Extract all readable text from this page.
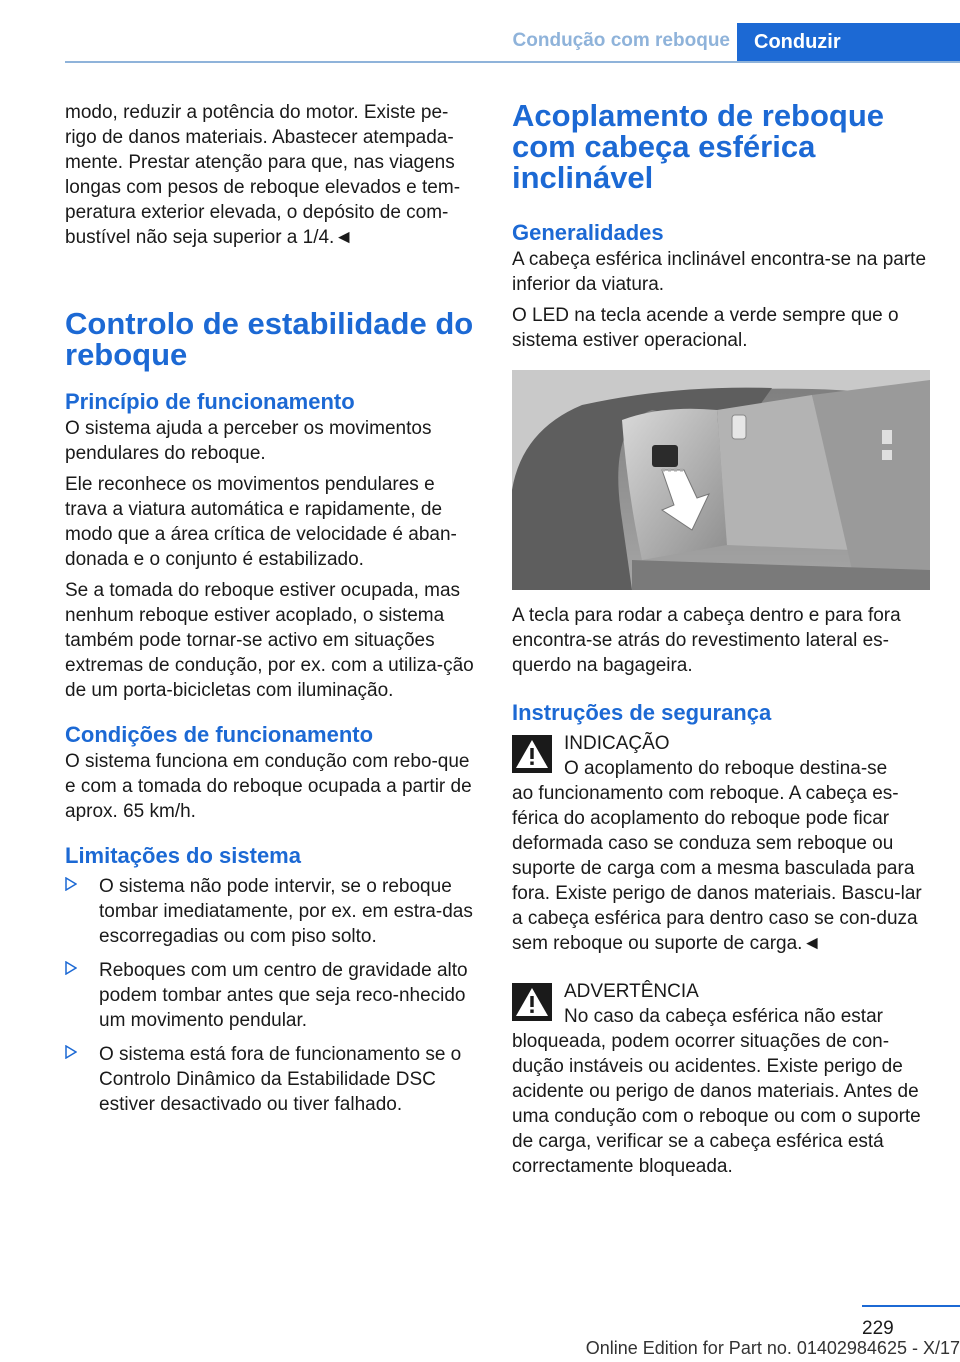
Condução com reboque Conduzir

modo, reduzir a potência do motor. Existe pe-rigo de danos materiais. Abastecer atempada-mente. Prestar atenção para que, nas viagens longas com pesos de reboque elevados e tem-peratura exterior elevada, o depósito de com-bustível não seja superior a 1/4.◄

Controlo de estabilidade do reboque
Princípio de funcionamento

O sistema ajuda a perceber os movimentos pendulares do reboque.

Ele reconhece os movimentos pendulares e trava a viatura automática e rapidamente, de modo que a área crítica de velocidade é aban-donada e o conjunto é estabilizado.

Se a tomada do reboque estiver ocupada, mas nenhum reboque estiver acoplado, o sistema também pode tornar-se activo em situações extremas de condução, por ex. com a utiliza-ção de um porta-bicicletas com iluminação.

Condições de funcionamento

O sistema funciona em condução com rebo-que e com a tomada do reboque ocupada a partir de aprox. 65 km/h.

Limitações do sistema
O sistema não pode intervir, se o reboque tombar imediatamente, por ex. em estra-das escorregadias ou com piso solto.
Reboques com um centro de gravidade alto podem tombar antes que seja reco-nhecido um movimento pendular.
O sistema está fora de funcionamento se o Controlo Dinâmico da Estabilidade DSC estiver desactivado ou tiver falhado.
Acoplamento de reboque com cabeça esférica inclinável
Generalidades

A cabeça esférica inclinável encontra-se na parte inferior da viatura.

O LED na tecla acende a verde sempre que o sistema estiver operacional.

A tecla para rodar a cabeça dentro e para fora encontra-se atrás do revestimento lateral es-querdo na bagageira.

Instruções de segurança
INDICAÇÃO
O acoplamento do reboque destina-se
ao funcionamento com reboque. A cabeça es-férica do acoplamento do reboque pode ficar deformada caso se conduza sem reboque ou suporte de carga com a mesma basculada para fora. Existe perigo de danos materiais. Bascu-lar a cabeça esférica para dentro caso se con-duza sem reboque ou suporte de carga.◄
ADVERTÊNCIA
No caso da cabeça esférica não estar
bloqueada, podem ocorrer situações de con-dução instáveis ou acidentes. Existe perigo de acidente ou perigo de danos materiais. Antes de uma condução com o reboque ou com o suporte de carga, verificar se a cabeça esférica está correctamente bloqueada.
229
Online Edition for Part no. 01402984625 - X/17
